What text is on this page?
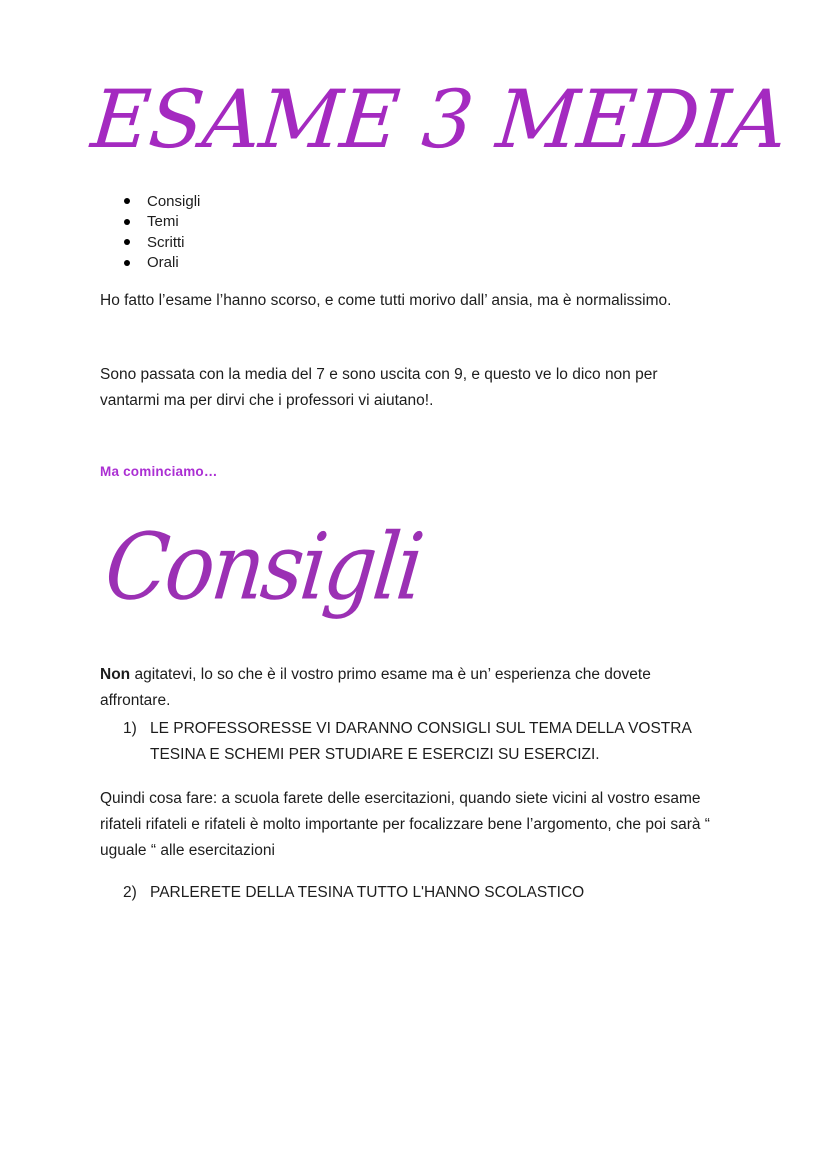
ESAME 3 MEDIA
Consigli
Temi
Scritti
Orali

Ho fatto l’esame l’hanno scorso, e come tutti morivo dall’ ansia, ma è normalissimo.

Sono passata con la media del 7 e sono uscita con 9, e questo ve lo dico non per vantarmi ma per dirvi che i professori vi aiutano!.

Ma cominciamo…
Consigli

Non agitatevi, lo so che è il vostro primo esame ma è un’ esperienza che dovete affrontare.

1) LE PROFESSORESSE VI DARANNO CONSIGLI SUL TEMA DELLA VOSTRA TESINA E SCHEMI PER STUDIARE E ESERCIZI SU ESERCIZI.

Quindi cosa fare: a scuola farete delle esercitazioni, quando siete vicini al vostro esame rifateli rifateli e rifateli è molto importante per focalizzare bene l’argomento, che poi sarà “ uguale “ alle esercitazioni

2) PARLERETE DELLA TESINA TUTTO L'HANNO SCOLASTICO
